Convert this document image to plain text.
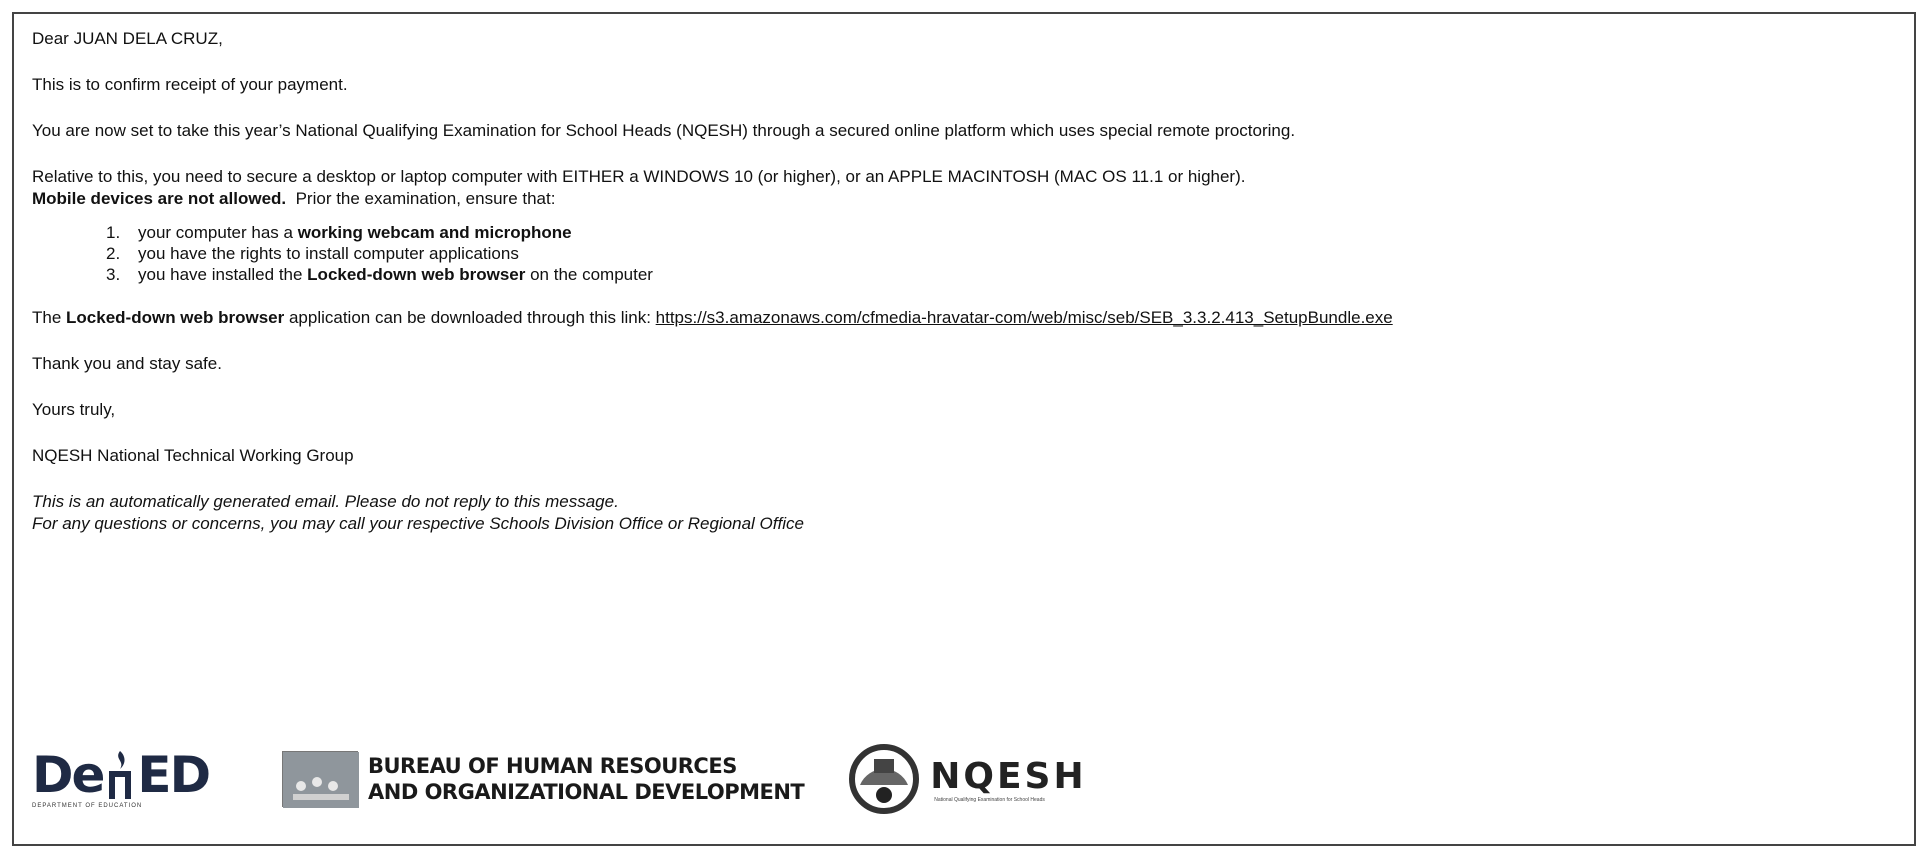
Dear JUAN DELA CRUZ,

This is to confirm receipt of your payment.

You are now set to take this year’s National Qualifying Examination for School Heads (NQESH) through a secured online platform which uses special remote proctoring.

Relative to this, you need to secure a desktop or laptop computer with EITHER a WINDOWS 10 (or higher), or an APPLE MACINTOSH (MAC OS 11.1 or higher).
Mobile devices are not allowed.  Prior the examination, ensure that:

1.	your computer has a working webcam and microphone
2.	you have the rights to install computer applications
3.	you have installed the Locked-down web browser on the computer

The Locked-down web browser application can be downloaded through this link: https://s3.amazonaws.com/cfmedia-hravatar-com/web/misc/seb/SEB_3.3.2.413_SetupBundle.exe

Thank you and stay safe.

Yours truly,

NQESH National Technical Working Group

This is an automatically generated email. Please do not reply to this message.

For any questions or concerns, you may call your respective Schools Division Office or Regional Office

De ED
DEPARTMENT OF EDUCATION
BUREAU OF HUMAN RESOURCES
AND ORGANIZATIONAL DEVELOPMENT	NQESH
National Qualifying Examination for School Heads
